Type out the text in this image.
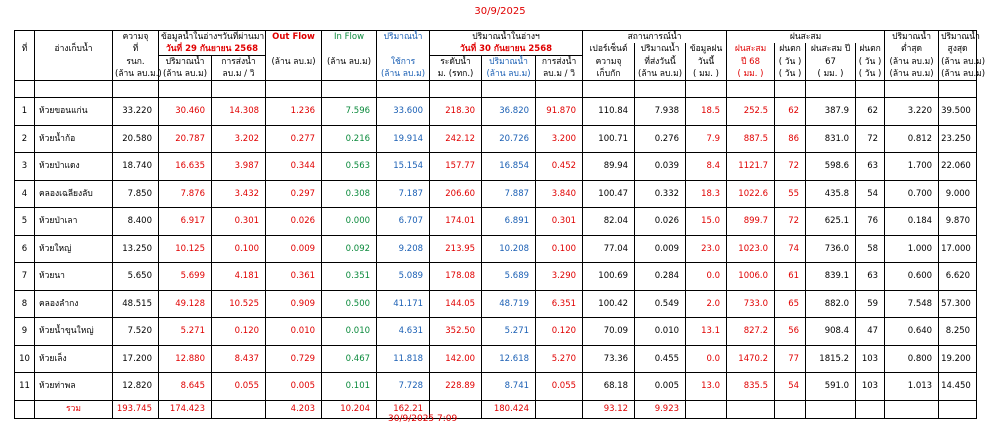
30/9/2025
		ความจุ	ข้อมูลน้ำในอ่างฯวันที่ผ่านมา		Out Flow	In Flow	ปริมาณน้ำ	ปริมาณน้ำในอ่างฯ			สถานการณ์น้ำ			ฝนสะสม				ปริมาณน้ำ	ปริมาณน้ำ
ที่	อ่างเก็บน้ำ	ที่	วันที่ 29 กันยายน 2568					วันที่ 30 กันยายน 2568			เปอร์เซ็นต์	ปริมาณน้ำ	ข้อมูลฝน	ฝนสะสม	ฝนตก	ฝนสะสม ปี	ฝนตก	ต่ำสุด	สูงสุด
		รนก.	ปริมาณน้ำ	การส่งน้ำ	(ล้าน ลบ.ม)	(ล้าน ลบ.ม)	ใช้การ	ระดับน้ำ	ปริมาณน้ำ	การส่งน้ำ	ความจุ	ที่ส่งวันนี้	วันนี้	ปี 68	( วัน )	67	( วัน )	(ล้าน ลบ.ม)	(ล้าน ลบ.ม)
		(ล้าน ลบ.ม.)	(ล้าน ลบ.ม)	ลบ.ม / วิ			(ล้าน ลบ.ม)	ม. (รทก.)	(ล้าน ลบ.ม)	ลบ.ม / วิ	เก็บกัก	(ล้าน ลบ.ม)	( มม. )	( มม. )	( วัน )	( มม. )	( วัน )	(ล้าน ลบ.ม)	(ล้าน ลบ.ม)

1	ห้วยขอนแก่น	33.220	30.460	14.308	1.236	7.596	33.600	218.30	36.820	91.870	110.84	7.938	18.5	252.5	62	387.9	62	3.220	39.500
2	ห้วยน้ำก้อ	20.580	20.787	3.202	0.277	0.216	19.914	242.12	20.726	3.200	100.71	0.276	7.9	887.5	86	831.0	72	0.812	23.250
3	ห้วยป่าแดง	18.740	16.635	3.987	0.344	0.563	15.154	157.77	16.854	0.452	89.94	0.039	8.4	1121.7	72	598.6	63	1.700	22.060
4	คลองเฉลียงลับ	7.850	7.876	3.432	0.297	0.308	7.187	206.60	7.887	3.840	100.47	0.332	18.3	1022.6	55	435.8	54	0.700	9.000
5	ห้วยป่าเลา	8.400	6.917	0.301	0.026	0.000	6.707	174.01	6.891	0.301	82.04	0.026	15.0	899.7	72	625.1	76	0.184	9.870
6	ห้วยใหญ่	13.250	10.125	0.100	0.009	0.092	9.208	213.95	10.208	0.100	77.04	0.009	23.0	1023.0	74	736.0	58	1.000	17.000
7	ห้วยนา	5.650	5.699	4.181	0.361	0.351	5.089	178.08	5.689	3.290	100.69	0.284	0.0	1006.0	61	839.1	63	0.600	6.620
8	คลองลำกง	48.515	49.128	10.525	0.909	0.500	41.171	144.05	48.719	6.351	100.42	0.549	2.0	733.0	65	882.0	59	7.548	57.300
9	ห้วยน้ำขุนใหญ่	7.520	5.271	0.120	0.010	0.010	4.631	352.50	5.271	0.120	70.09	0.010	13.1	827.2	56	908.4	47	0.640	8.250
10	ห้วยเล็ง	17.200	12.880	8.437	0.729	0.467	11.818	142.00	12.618	5.270	73.36	0.455	0.0	1470.2	77	1815.2	103	0.800	19.200
11	ห้วยท่าพล	12.820	8.645	0.055	0.005	0.101	7.728	228.89	8.741	0.055	68.18	0.005	13.0	835.5	54	591.0	103	1.013	14.450
	รวม	193.745	174.423		4.203	10.204	162.21		180.424		93.12	9.923							
30/9/2025 7:09
